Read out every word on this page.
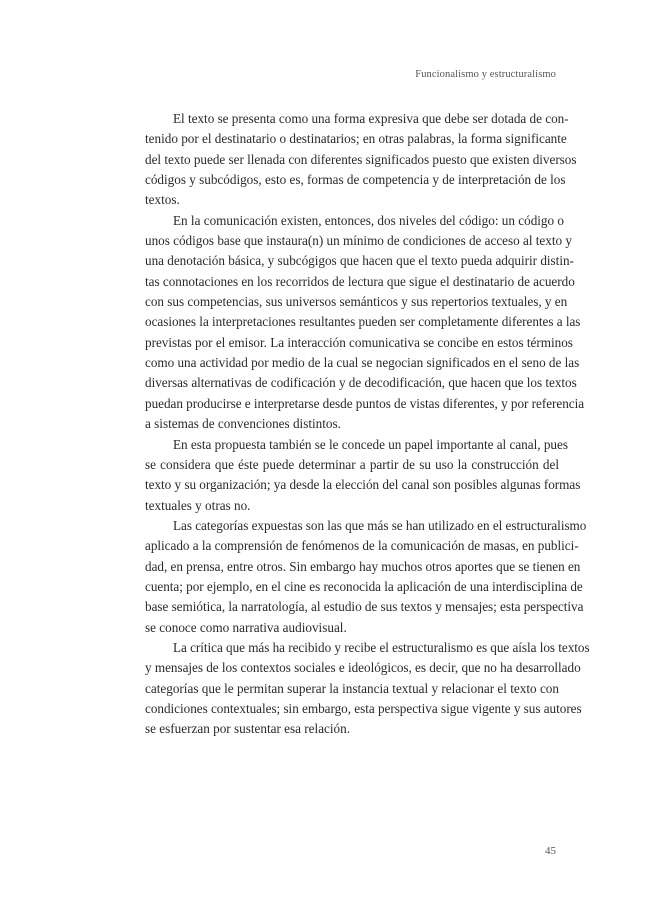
Funcionalismo y estructuralismo

El texto se presenta como una forma expresiva que debe ser dotada de con-
tenido por el destinatario o destinatarios; en otras palabras, la forma significante
del texto puede ser llenada con diferentes significados puesto que existen diversos
códigos y subcódigos, esto es, formas de competencia y de interpretación de los
textos.

En la comunicación existen, entonces, dos niveles del código: un código o
unos códigos base que instaura(n) un mínimo de condiciones de acceso al texto y
una denotación básica, y subcógigos que hacen que el texto pueda adquirir distin-
tas connotaciones en los recorridos de lectura que sigue el destinatario de acuerdo
con sus competencias, sus universos semánticos y sus repertorios textuales, y en
ocasiones la interpretaciones resultantes pueden ser completamente diferentes a las
previstas por el emisor. La interacción comunicativa se concibe en estos términos
como una actividad por medio de la cual se negocian significados en el seno de las
diversas alternativas de codificación y de decodificación, que hacen que los textos
puedan producirse e interpretarse desde puntos de vistas diferentes, y por referencia
a sistemas de convenciones distintos.

En esta propuesta también se le concede un papel importante al canal, pues
se considera que éste puede determinar a partir de su uso la construcción del
texto y su organización; ya desde la elección del canal son posibles algunas formas
textuales y otras no.

Las categorías expuestas son las que más se han utilizado en el estructuralismo
aplicado a la comprensión de fenómenos de la comunicación de masas, en publici-
dad, en prensa, entre otros. Sin embargo hay muchos otros aportes que se tienen en
cuenta; por ejemplo, en el cine es reconocida la aplicación de una interdisciplina de
base semiótica, la narratología, al estudio de sus textos y mensajes; esta perspectiva
se conoce como narrativa audiovisual.

La crítica que más ha recibido y recibe el estructuralismo es que aísla los textos
y mensajes de los contextos sociales e ideológicos, es decir, que no ha desarrollado
categorías que le permitan superar la instancia textual y relacionar el texto con
condiciones contextuales; sin embargo, esta perspectiva sigue vigente y sus autores
se esfuerzan por sustentar esa relación.

45
